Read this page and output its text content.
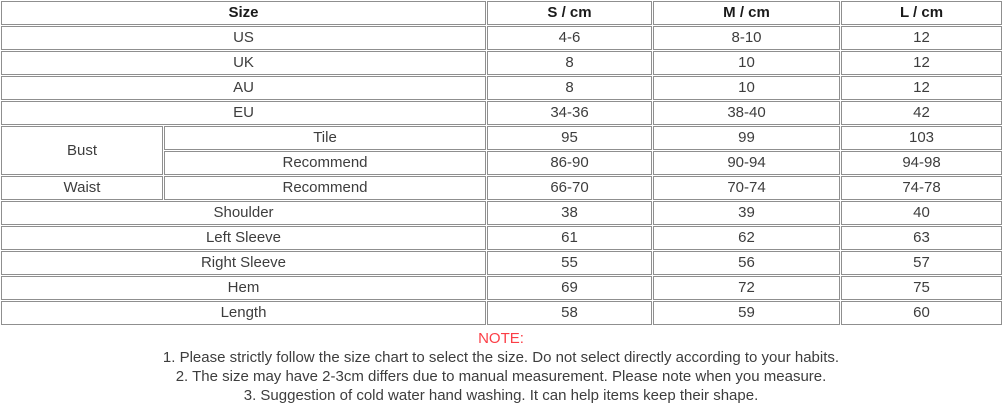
Size		S / cm	M / cm	L / cm
US		4-6	8-10	12
UK		8	10	12
AU		8	10	12
EU		34-36	38-40	42
Bust	Tile	95	99	103
	Recommend	86-90	90-94	94-98
Waist	Recommend	66-70	70-74	74-78
Shoulder		38	39	40
Left Sleeve		61	62	63
Right Sleeve		55	56	57
Hem		69	72	75
Length		58	59	60
NOTE:
1. Please strictly follow the size chart to select the size. Do not select directly according to your habits.
2. The size may have 2-3cm differs due to manual measurement. Please note when you measure.
3. Suggestion of cold water hand washing. It can help items keep their shape.
